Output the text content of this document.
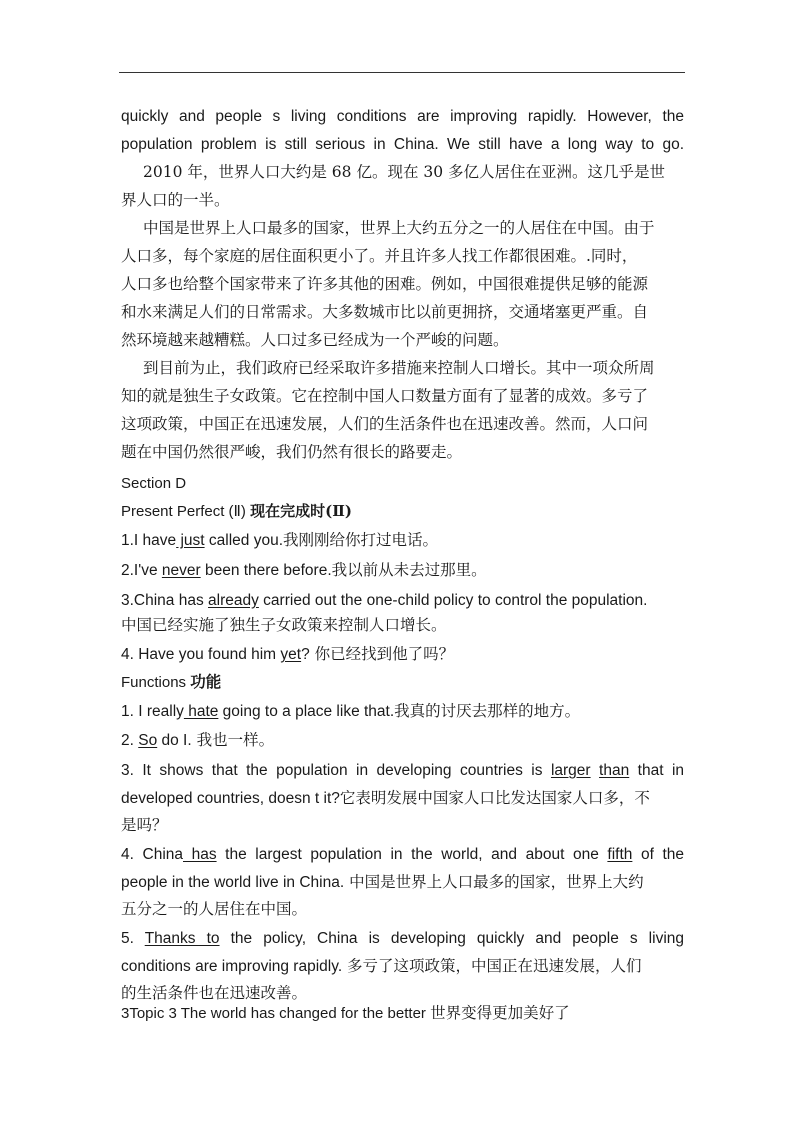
quickly and people s living conditions are improving rapidly. However, the
population problem is still serious in China. We still have a long way to go.
2010 年，世界人口大约是 68 亿。现在 30 多亿人居住在亚洲。这几乎是世
界人口的一半。
中国是世界上人口最多的国家，世界上大约五分之一的人居住在中国。由于
人口多，每个家庭的居住面积更小了。并且许多人找工作都很困难。.同时，
人口多也给整个国家带来了许多其他的困难。例如，中国很难提供足够的能源
和水来满足人们的日常需求。大多数城市比以前更拥挤，交通堵塞更严重。自
然环境越来越糟糕。人口过多已经成为一个严峻的问题。
到目前为止，我们政府已经采取许多措施来控制人口增长。其中一项众所周
知的就是独生子女政策。它在控制中国人口数量方面有了显著的成效。多亏了
这项政策，中国正在迅速发展，人们的生活条件也在迅速改善。然而，人口问
题在中国仍然很严峻，我们仍然有很长的路要走。
Section D
Present Perfect (Ⅱ) 现在完成时(Ⅱ)
1.I have just called you.我刚刚给你打过电话。
2.I've never been there before.我以前从未去过那里。
3.China has already carried out the one-child policy to control the population.
中国已经实施了独生子女政策来控制人口增长。
4. Have you found him yet? 你已经找到他了吗？
Functions 功能
1. I really hate going to a place like that.我真的讨厌去那样的地方。
2. So do I. 我也一样。
3. It shows that the population in developing countries is larger than that in
developed countries, doesn t it?它表明发展中国家人口比发达国家人口多，不
是吗？
4. China has the largest population in the world, and about one fifth of the
people in the world live in China. 中国是世界上人口最多的国家，世界上大约
五分之一的人居住在中国。
5. Thanks to the policy, China is developing quickly and people s living
conditions are improving rapidly. 多亏了这项政策，中国正在迅速发展，人们
的生活条件也在迅速改善。
3Topic 3 The world has changed for the better 世界变得更加美好了
